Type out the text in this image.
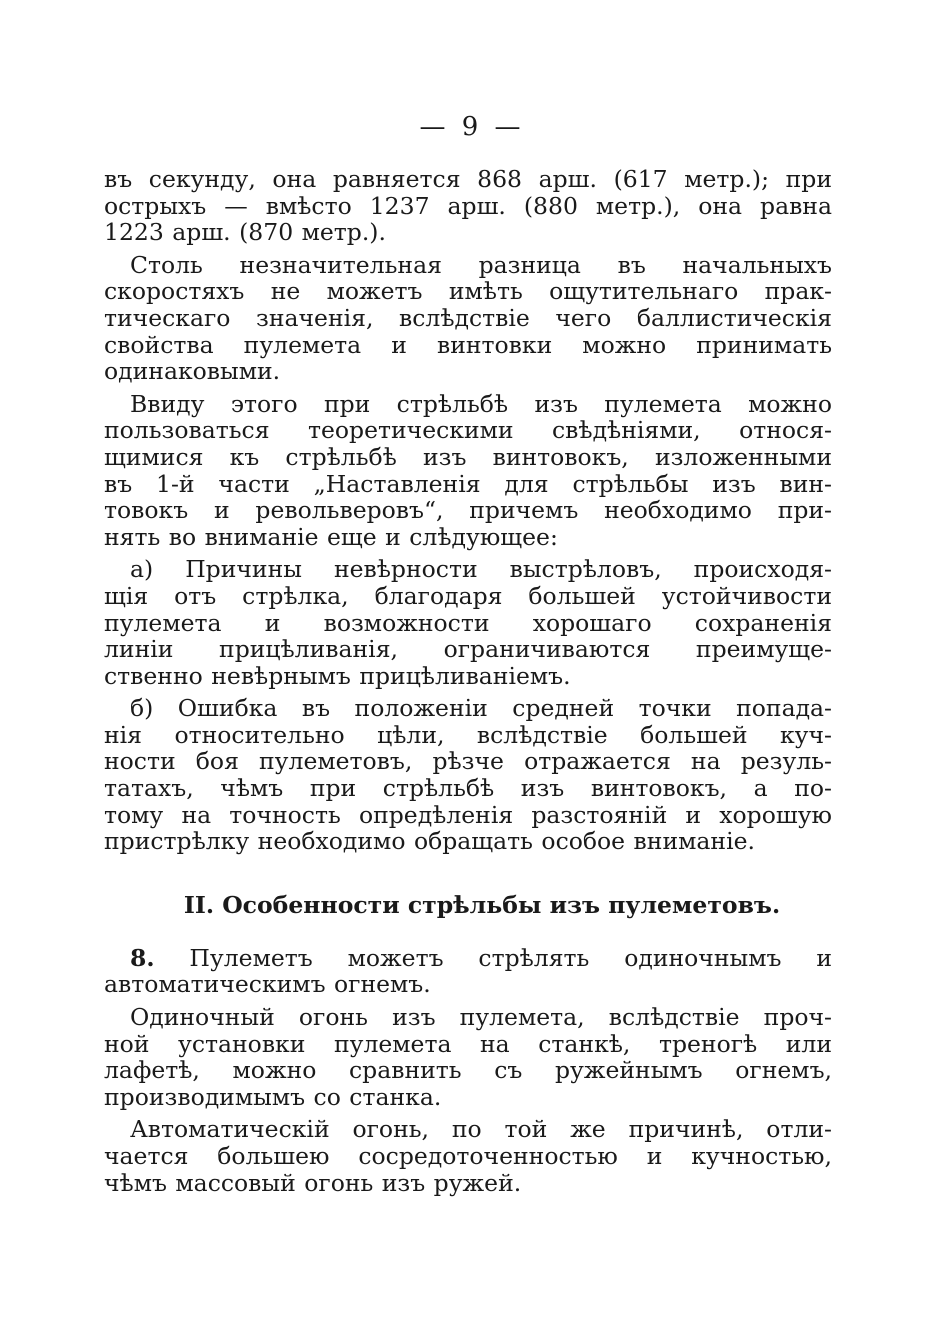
— 9 —
въ секунду, она равняется 868 арш. (617 метр.); при
острыхъ — вмѣсто 1237 арш. (880 метр.), она равна
1223 арш. (870 метр.).
Столь незначительная разница въ начальныхъ
скоростяхъ не можетъ имѣть ощутительнаго прак-
тическаго значенія, вслѣдствіе чего баллистическія
свойства пулемета и винтовки можно принимать
одинаковыми.
Ввиду этого при стрѣльбѣ изъ пулемета можно
пользоваться теоретическими свѣдѣніями, относя-
щимися къ стрѣльбѣ изъ винтовокъ, изложенными
въ 1-й части „Наставленія для стрѣльбы изъ вин-
товокъ и револьверовъ“, причемъ необходимо при-
нять во вниманіе еще и слѣдующее:
а) Причины невѣрности выстрѣловъ, происходя-
щія отъ стрѣлка, благодаря большей устойчивости
пулемета и возможности хорошаго сохраненія
линіи прицѣливанія, ограничиваются преимуще-
ственно невѣрнымъ прицѣливаніемъ.
б) Ошибка въ положеніи средней точки попада-
нія относительно цѣли, вслѣдствіе большей куч-
ности боя пулеметовъ, рѣзче отражается на резуль-
татахъ, чѣмъ при стрѣльбѣ изъ винтовокъ, а по-
тому на точность опредѣленія разстояній и хорошую
пристрѣлку необходимо обращать особое вниманіе.
II. Особенности стрѣльбы изъ пулеметовъ.
8. Пулеметъ можетъ стрѣлять одиночнымъ и
автоматическимъ огнемъ.
Одиночный огонь изъ пулемета, вслѣдствіе проч-
ной установки пулемета на станкѣ, треногѣ или
лафетѣ, можно сравнить съ ружейнымъ огнемъ,
производимымъ со станка.
Автоматическій огонь, по той же причинѣ, отли-
чается большею сосредоточенностью и кучностью,
чѣмъ массовый огонь изъ ружей.
